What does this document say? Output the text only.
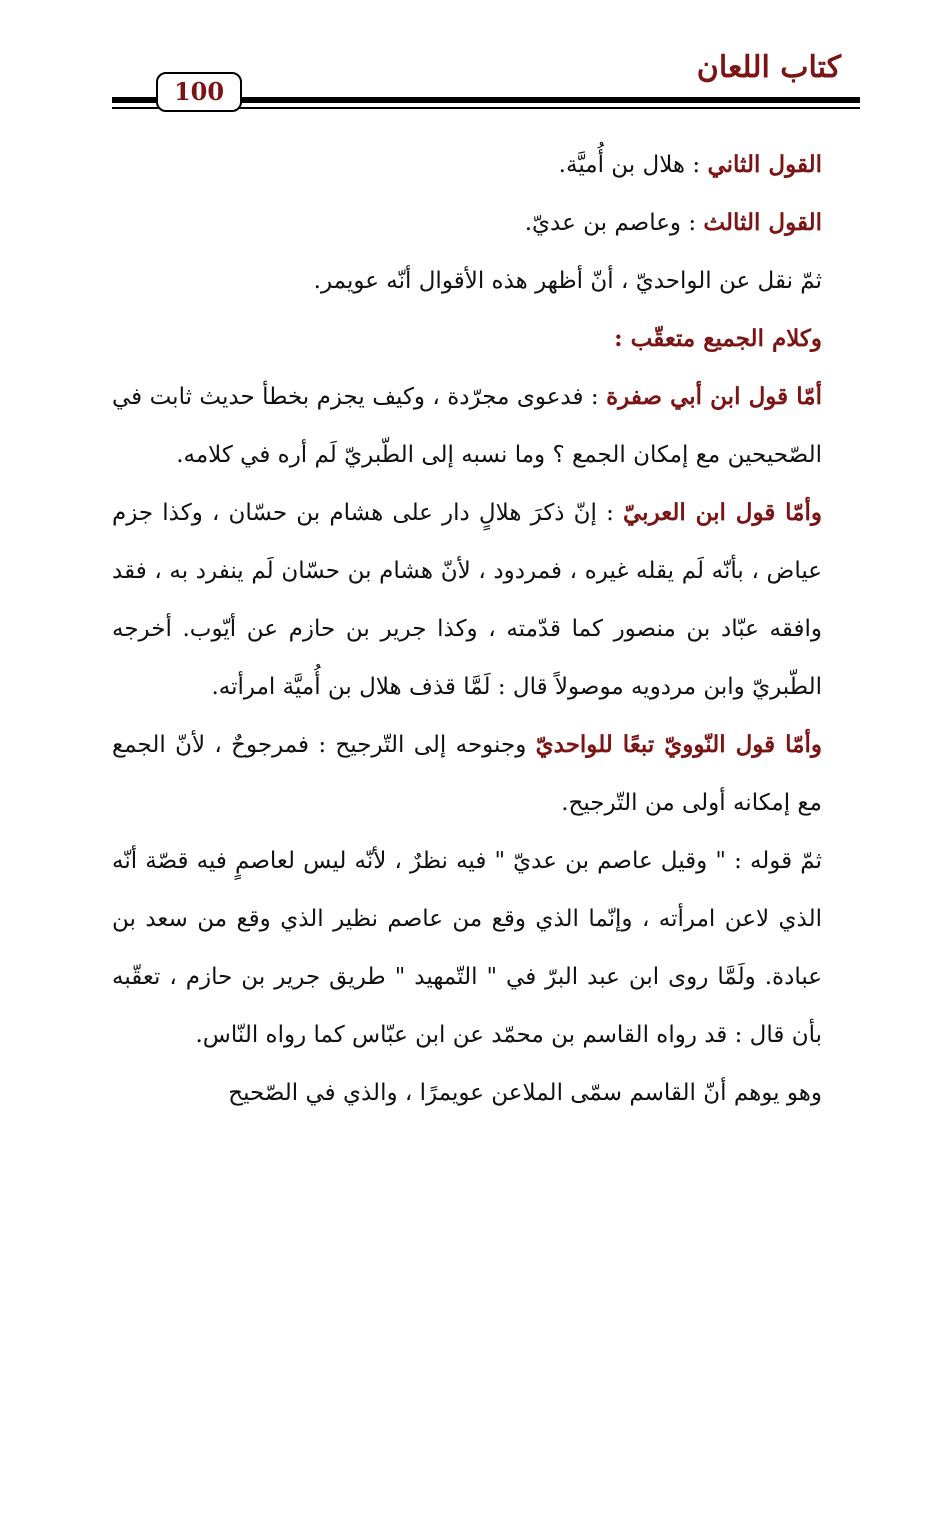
كتاب اللعان
100

القول الثاني : هلال بن أُميَّة.

القول الثالث : وعاصم بن عديّ.

ثمّ نقل عن الواحديّ ، أنّ أظهر هذه الأقوال أنّه عويمر.

وكلام الجميع متعقّب :

أمّا قول ابن أبي صفرة : فدعوى مجرّدة ، وكيف يجزم بخطأ حديث ثابت في الصّحيحين مع إمكان الجمع ؟ وما نسبه إلى الطّبريّ لَم أره في كلامه.

وأمّا قول ابن العربيّ : إنّ ذكرَ هلالٍ دار على هشام بن حسّان ، وكذا جزم عياض ، بأنّه لَم يقله غيره ، فمردود ، لأنّ هشام بن حسّان لَم ينفرد به ، فقد وافقه عبّاد بن منصور كما قدّمته ، وكذا جرير بن حازم عن أيّوب. أخرجه الطّبريّ وابن مردويه موصولاً قال : لَمَّا قذف هلال بن أُميَّة امرأته.

وأمّا قول النّوويّ تبعًا للواحديّ وجنوحه إلى التّرجيح : فمرجوحٌ ، لأنّ الجمع مع إمكانه أولى من التّرجيح.

ثمّ قوله : " وقيل عاصم بن عديّ " فيه نظرٌ ، لأنّه ليس لعاصمٍ فيه قصّة أنّه الذي لاعن امرأته ، وإنّما الذي وقع من عاصم نظير الذي وقع من سعد بن عبادة. ولَمَّا روى ابن عبد البرّ في " التّمهيد " طريق جرير بن حازم ، تعقّبه بأن قال : قد رواه القاسم بن محمّد عن ابن عبّاس كما رواه النّاس.

وهو يوهم أنّ القاسم سمّى الملاعن عويمرًا ، والذي في الصّحيح
